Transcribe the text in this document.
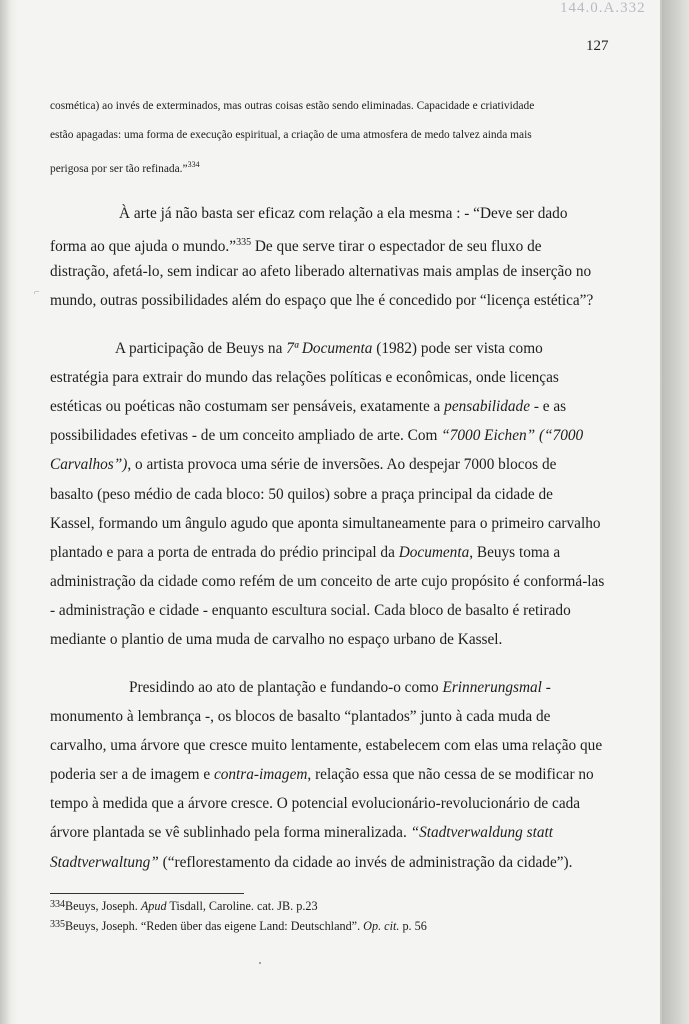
144.0.A.332
127
⌐
cosmética) ao invés de exterminados, mas outras coisas estão sendo eliminadas. Capacidade e criatividade
estão apagadas: uma forma de execução espiritual, a criação de uma atmosfera de medo talvez ainda mais
perigosa por ser tão refinada.”$^{334}$
À arte já não basta ser eficaz com relação a ela mesma : - “Deve ser dado
forma ao que ajuda o mundo.”$^{335}$ De que serve tirar o espectador de seu fluxo de
distração, afetá-lo, sem indicar ao afeto liberado alternativas mais amplas de inserção no
mundo, outras possibilidades além do espaço que lhe é concedido por “licença estética”?
A participação de Beuys na 7ª Documenta (1982) pode ser vista como
estratégia para extrair do mundo das relações políticas e econômicas, onde licenças
estéticas ou poéticas não costumam ser pensáveis, exatamente a pensabilidade - e as
possibilidades efetivas - de um conceito ampliado de arte. Com “7000 Eichen” (“7000
Carvalhos”), o artista provoca uma série de inversões. Ao despejar 7000 blocos de
basalto (peso médio de cada bloco: 50 quilos) sobre a praça principal da cidade de
Kassel, formando um ângulo agudo que aponta simultaneamente para o primeiro carvalho
plantado e para a porta de entrada do prédio principal da Documenta, Beuys toma a
administração da cidade como refém de um conceito de arte cujo propósito é conformá-las
- administração e cidade - enquanto escultura social. Cada bloco de basalto é retirado
mediante o plantio de uma muda de carvalho no espaço urbano de Kassel.
Presidindo ao ato de plantação e fundando-o como Erinnerungsmal -
monumento à lembrança -, os blocos de basalto “plantados” junto à cada muda de
carvalho, uma árvore que cresce muito lentamente, estabelecem com elas uma relação que
poderia ser a de imagem e contra-imagem, relação essa que não cessa de se modificar no
tempo à medida que a árvore cresce. O potencial evolucionário-revolucionário de cada
árvore plantada se vê sublinhado pela forma mineralizada. “Stadtverwaldung statt
Stadtverwaltung” (“reflorestamento da cidade ao invés de administração da cidade”).
$^{334}$Beuys, Joseph. Apud Tisdall, Caroline. cat. JB. p.23
$^{335}$Beuys, Joseph. “Reden über das eigene Land: Deutschland”. Op. cit. p. 56
